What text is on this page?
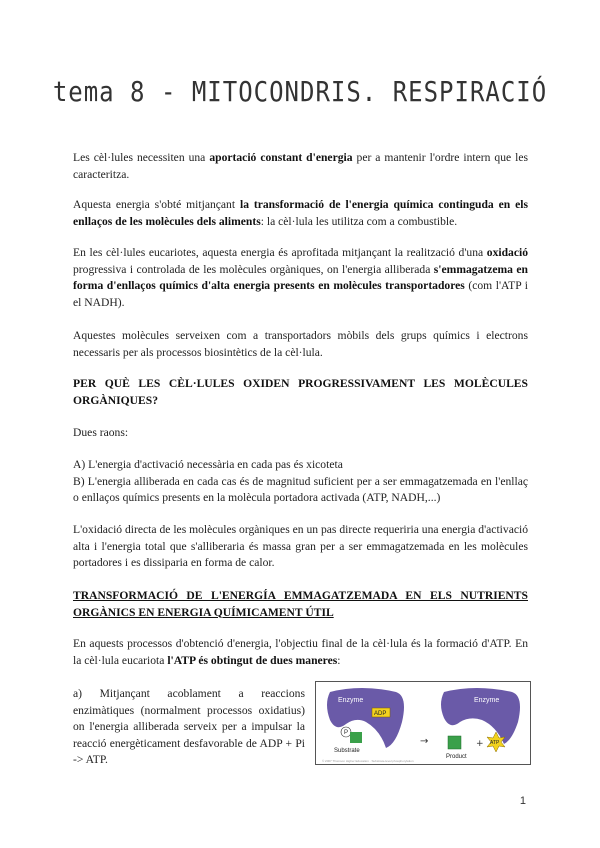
tema 8 - MITOCONDRIS. RESPIRACIÓ

Les cèl·lules necessiten una aportació constant d'energia per a mantenir l'ordre intern que les caracteritza.

Aquesta energia s'obté mitjançant la transformació de l'energia química continguda en els enllaços de les molècules dels aliments: la cèl·lula les utilitza com a combustible.

En les cèl·lules eucariotes, aquesta energia és aprofitada mitjançant la realització d'una oxidació progressiva i controlada de les molècules orgàniques, on l'energia alliberada s'emmagatzema en forma d'enllaços químics d'alta energia presents en molècules transportadores (com l'ATP i el NADH).

Aquestes molècules serveixen com a transportadors mòbils dels grups químics i electrons necessaris per als processos biosintètics de la cèl·lula.

PER QUÈ LES CÈL·LULES OXIDEN PROGRESSIVAMENT LES MOLÈCULES ORGÀNIQUES?

Dues raons:

A) L'energia d'activació necessària en cada pas és xicoteta
B) L'energia alliberada en cada cas és de magnitud suficient per a ser emmagatzemada en l'enllaç o enllaços químics presents en la molècula portadora activada (ATP, NADH,...)

L'oxidació directa de les molècules orgàniques en un pas directe requeriria una energia d'activació alta i l'energia total que s'alliberaria és massa gran per a ser emmagatzemada en les molècules portadores i es dissiparia en forma de calor.

TRANSFORMACIÓ DE L'ENERGÍA EMMAGATZEMADA EN ELS NUTRIENTS ORGÀNICS EN ENERGIA QUÍMICAMENT ÚTIL

En aquests processos d'obtenció d'energia, l'objectiu final de la cèl·lula és la formació d'ATP. En la cèl·lula eucariota l'ATP és obtingut de dues maneres:

a) Mitjançant acoblament a reaccions enzimàtiques (normalment processos oxidatius) on l'energia alliberada serveix per a impulsar la reacció energèticament desfavorable de ADP + Pi -> ATP.

Enzyme
ADP
P
Substrate
→
Enzyme
Product
+ ATP
© 2007 Thomson Higher Education · Substrate-level phosphorylation
1
